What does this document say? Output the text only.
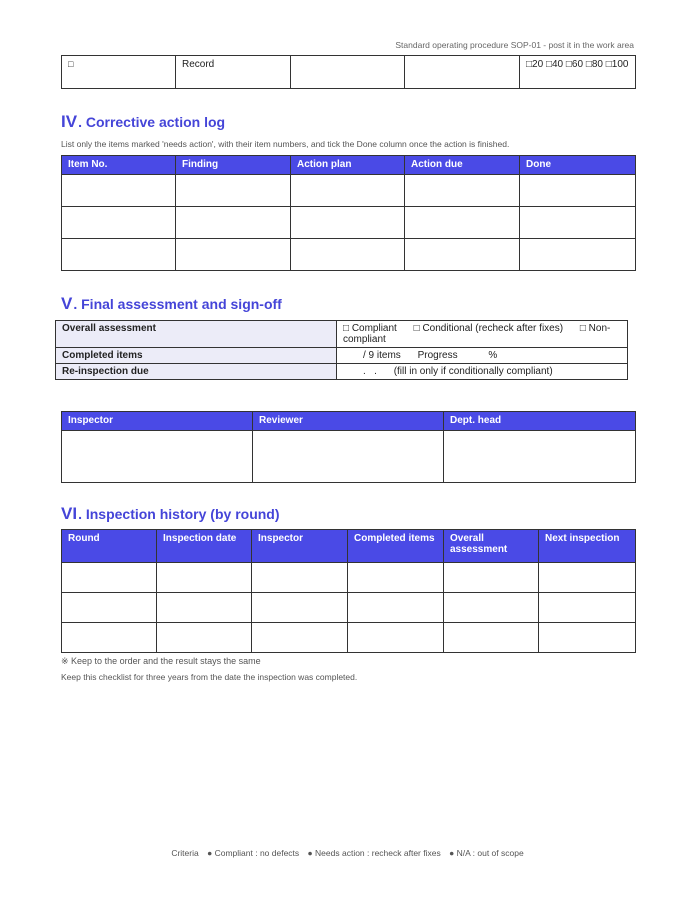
Standard operating procedure SOP-01 - post it in the work area
□	Record			□20 □40 □60 □80 □100
IV. Corrective action log

List only the items marked 'needs action', with their item numbers, and tick the Done column once the action is finished.

Item No.	Finding	Action plan	Action due	Done

V. Final assessment and sign-off
Overall assessment	□ Compliant □ Conditional (recheck after fixes) □ Non-compliant
Completed items	/ 9 items Progress %
Re-inspection due	.   . (fill in only if conditionally compliant)
Inspector	Reviewer	Dept. head

VI. Inspection history (by round)
Round	Inspection date	Inspector	Completed items	Overall assessment	Next inspection

※ Keep to the order and the result stays the same

Keep this checklist for three years from the date the inspection was completed.

Criteria ● Compliant : no defects ● Needs action : recheck after fixes ● N/A : out of scope
